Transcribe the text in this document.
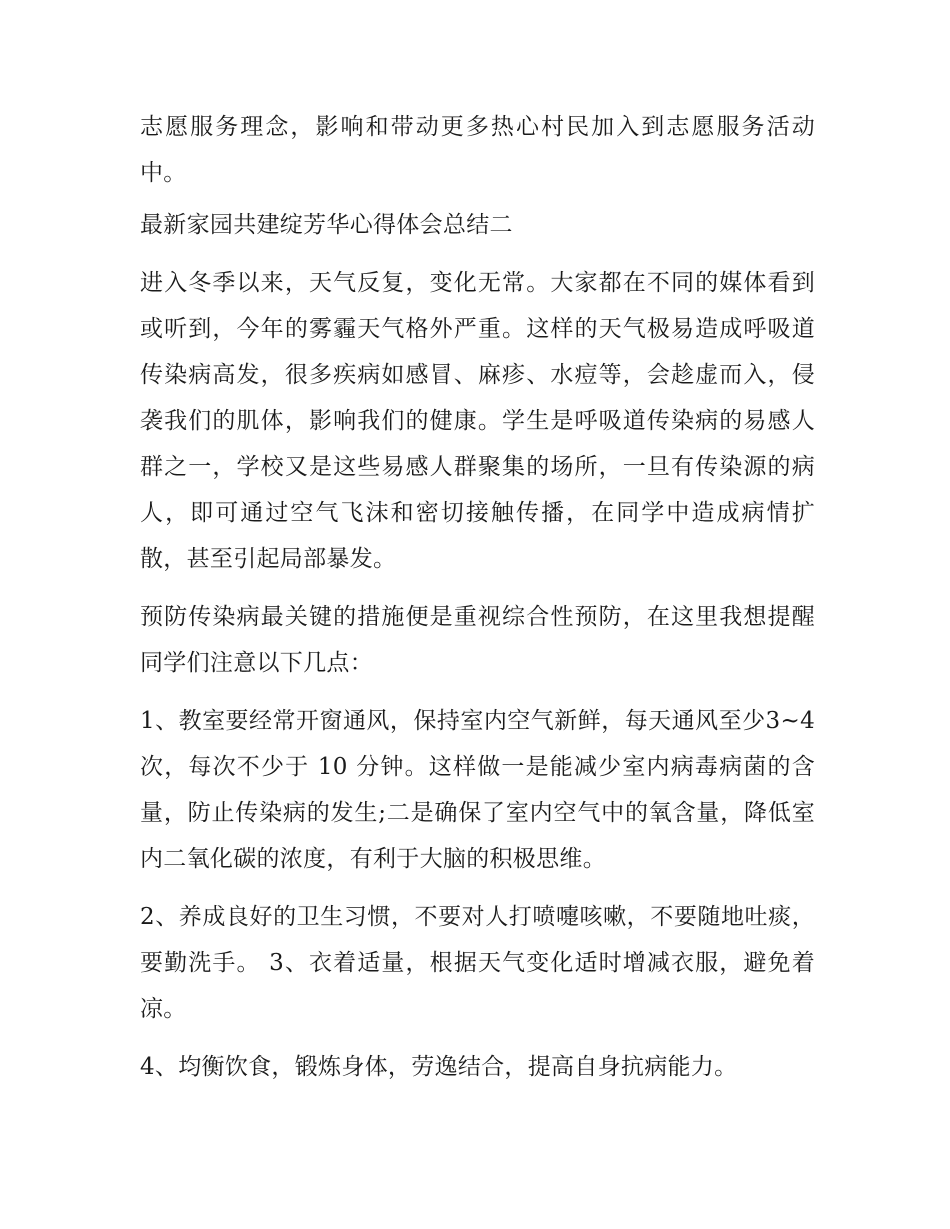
志愿服务理念，影响和带动更多热心村民加入到志愿服务活动中。

最新家园共建绽芳华心得体会总结二

进入冬季以来，天气反复，变化无常。大家都在不同的媒体看到或听到，今年的雾霾天气格外严重。这样的天气极易造成呼吸道传染病高发，很多疾病如感冒、麻疹、水痘等，会趁虚而入，侵袭我们的肌体，影响我们的健康。学生是呼吸道传染病的易感人群之一，学校又是这些易感人群聚集的场所，一旦有传染源的病人，即可通过空气飞沫和密切接触传播，在同学中造成病情扩散，甚至引起局部暴发。

预防传染病最关键的措施便是重视综合性预防，在这里我想提醒同学们注意以下几点：

1、教室要经常开窗通风，保持室内空气新鲜，每天通风至少3~4 次，每次不少于 10 分钟。这样做一是能减少室内病毒病菌的含量，防止传染病的发生;二是确保了室内空气中的氧含量，降低室内二氧化碳的浓度，有利于大脑的积极思维。

2、养成良好的卫生习惯，不要对人打喷嚏咳嗽，不要随地吐痰，要勤洗手。 3、衣着适量，根据天气变化适时增减衣服，避免着凉。

4、均衡饮食，锻炼身体，劳逸结合，提高自身抗病能力。
